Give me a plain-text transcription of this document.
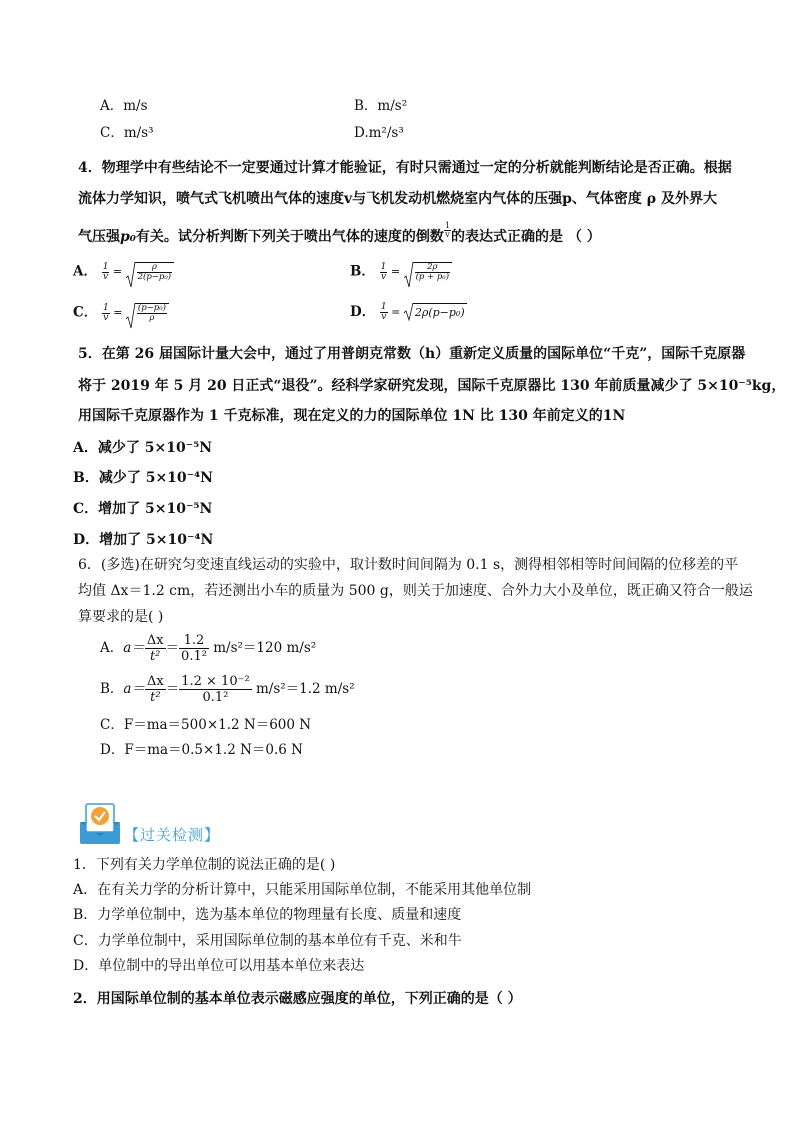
A．m/s	B．m/s²
C．m/s³	D.m²/s³
4．物理学中有些结论不一定要通过计算才能验证，有时只需通过一定的分析就能判断结论是否正确。根据
流体力学知识，喷气式飞机喷出气体的速度v与飞机发动机燃烧室内气体的压强p、气体密度 ρ 及外界大
气压强p₀有关。试分析判断下列关于喷出气体的速度的倒数 $\frac{1}{v}$ 的表达式正确的是 （ ）
A． $\frac{1}{v} = \frac{\rho}{\text{2(p−p₀)}}$	B． $\frac{1}{v} = \frac{2\rho}{\text{(p + p₀)}}$
C． $\frac{1}{v} = \frac{\text{(p−p₀)}}{\rho}$	D． $\frac{1}{v} = 2\rho(p-p_0)$
5．在第 26 届国际计量大会中，通过了用普朗克常数（h）重新定义质量的国际单位“千克”，国际千克原器
将于 2019 年 5 月 20 日正式“退役”。经科学家研究发现，国际千克原器比 130 年前质量减少了 5×10⁻⁵kg，
用国际千克原器作为 1 千克标准，现在定义的力的国际单位 1N 比 130 年前定义的1N
A．减少了 5×10⁻⁵N
B．减少了 5×10⁻⁴N
C．增加了 5×10⁻⁵N
D．增加了 5×10⁻⁴N
6．(多选)在研究匀变速直线运动的实验中，取计数时间间隔为 0.1 s，测得相邻相等时间间隔的位移差的平
均值 Δx＝1.2 cm，若还测出小车的质量为 500 g，则关于加速度、合外力大小及单位，既正确又符合一般运
算要求的是( )
A．$a= \frac{\Delta x}{\text{t²}} = \frac{1.2}{\text{0.1²}} m/s^2=120$ m/s²
B．$a= \frac{\Delta x}{\text{t²}} = \frac{\text{1.2 × 10⁻²}}{\text{0.1²}} m/s^2=1.2$ m/s²
C．F＝ma＝500×1.2 N＝600 N
D．F＝ma＝0.5×1.2 N＝0.6 N
【过关检测】
1．下列有关力学单位制的说法正确的是( )
A．在有关力学的分析计算中，只能采用国际单位制，不能采用其他单位制
B．力学单位制中，选为基本单位的物理量有长度、质量和速度
C．力学单位制中，采用国际单位制的基本单位有千克、米和牛
D．单位制中的导出单位可以用基本单位来表达
2．用国际单位制的基本单位表示磁感应强度的单位，下列正确的是（ ）
